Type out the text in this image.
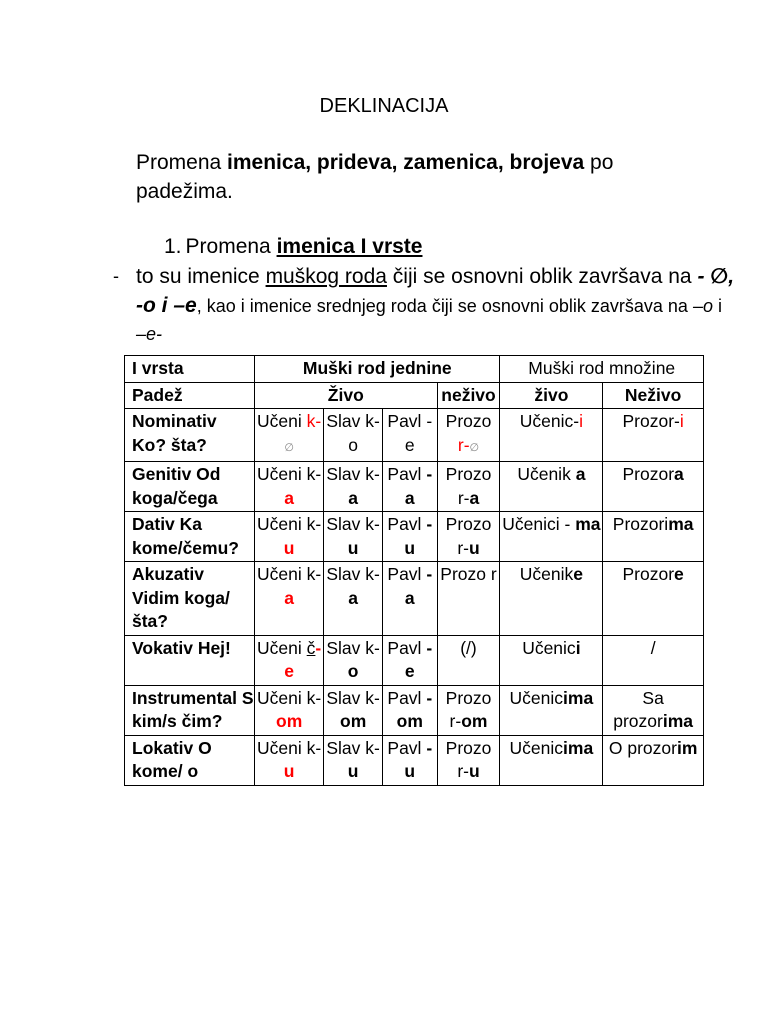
DEKLINACIJA
Promena imenica, prideva, zamenica, brojeva po padežima.
1. Promena imenica I vrste
- to su imenice muškog roda čiji se osnovni oblik završava na - ∅, -o i –e, kao i imenice srednjeg roda čiji se osnovni oblik završava na –o i –e-
I vrsta	Muški rod jednine				Muški rod množine	
Padež	Živo			neživo	živo	Neživo
Nominativ Ko? šta?	Učeni k-∅	Slav k-o	Pavl -e	Prozo r-∅	Učenic-i	Prozor-i
Genitiv Od koga/čega	Učeni k-a	Slav k-a	Pavl -a	Prozo r-a	Učenik a	Prozora
Dativ Ka kome/čemu?	Učeni k-u	Slav k-u	Pavl -u	Prozo r-u	Učenici - ma	Prozorima
Akuzativ Vidim koga/šta?	Učeni k-a	Slav k-a	Pavl -a	Prozo r	Učenike	Prozore
Vokativ Hej!	Učeni č-e	Slav k-o	Pavl -e	(/)	Učenici	/
Instrumental S kim/s čim?	Učeni k-om	Slav k-om	Pavl -om	Prozo r-om	Učenicima	Sa prozorima
Lokativ O kome/ o	Učeni k-u	Slav k-u	Pavl -u	Prozo r-u	Učenicima	O prozorim
